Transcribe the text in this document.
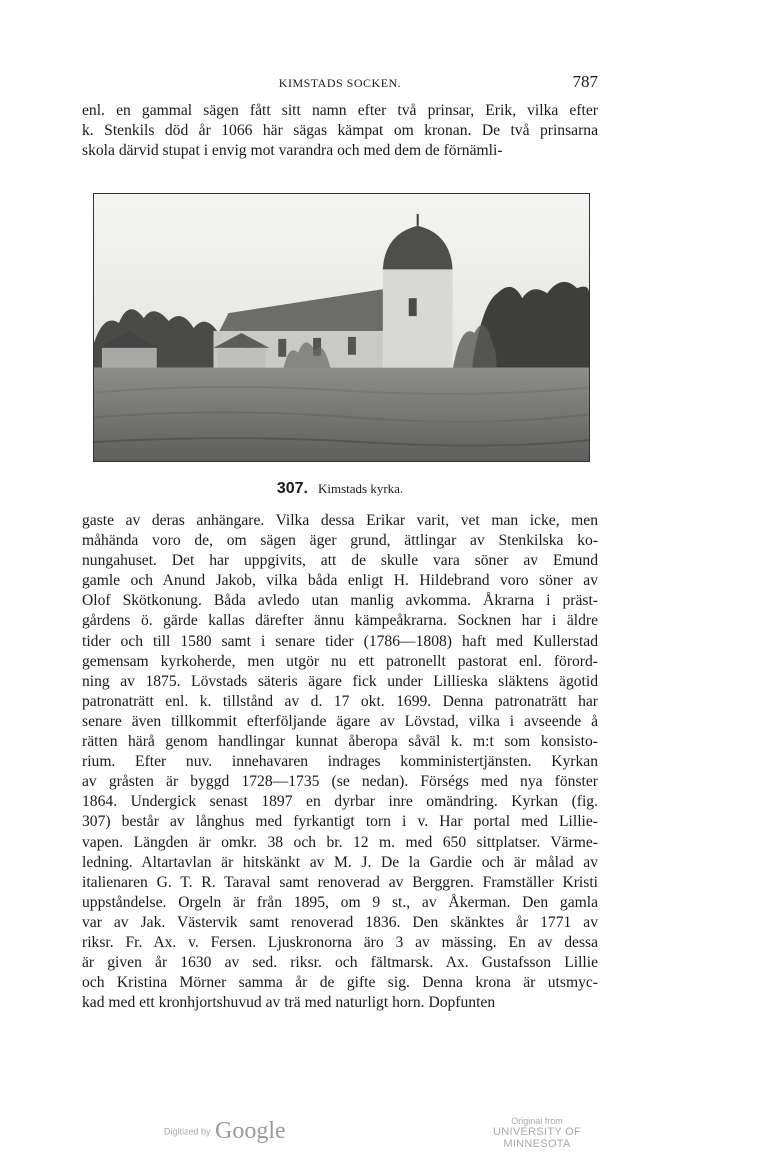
KIMSTADS SOCKEN.	787
enl. en gammal sägen fått sitt namn efter två prinsar, Erik, vilka efter
k. Stenkils död år 1066 här sägas kämpat om kronan. De två prinsarna
skola därvid stupat i envig mot varandra och med dem de förnämli-
307. Kimstads kyrka.
gaste av deras anhängare. Vilka dessa Erikar varit, vet man icke, men
måhända voro de, om sägen äger grund, ättlingar av Stenkilska ko-
nungahuset. Det har uppgivits, att de skulle vara söner av Emund
gamle och Anund Jakob, vilka båda enligt H. Hildebrand voro söner av
Olof Skötkonung. Båda avledo utan manlig avkomma. Åkrarna i präst-
gårdens ö. gärde kallas därefter ännu kämpeåkrarna. Socknen har i äldre
tider och till 1580 samt i senare tider (1786—1808) haft med Kullerstad
gemensam kyrkoherde, men utgör nu ett patronellt pastorat enl. förord-
ning av 1875. Lövstads säteris ägare fick under Lillieska släktens ägotid
patronaträtt enl. k. tillstånd av d. 17 okt. 1699. Denna patronaträtt har
senare även tillkommit efterföljande ägare av Lövstad, vilka i avseende å
rätten härå genom handlingar kunnat åberopa såväl k. m:t som konsisto-
rium. Efter nuv. innehavaren indrages komministertjänsten. Kyrkan
av gråsten är byggd 1728—1735 (se nedan). Förségs med nya fönster
1864. Undergick senast 1897 en dyrbar inre omändring. Kyrkan (fig.
307) består av långhus med fyrkantigt torn i v. Har portal med Lillie-
vapen. Längden är omkr. 38 och br. 12 m. med 650 sittplatser. Värme-
ledning. Altartavlan är hitskänkt av M. J. De la Gardie och är målad av
italienaren G. T. R. Taraval samt renoverad av Berggren. Framställer Kristi
uppståndelse. Orgeln är från 1895, om 9 st., av Åkerman. Den gamla
var av Jak. Västervik samt renoverad 1836. Den skänktes år 1771 av
riksr. Fr. Ax. v. Fersen. Ljuskronorna äro 3 av mässing. En av dessa
är given år 1630 av sed. riksr. och fältmarsk. Ax. Gustafsson Lillie
och Kristina Mörner samma år de gifte sig. Denna krona är utsmyc-
kad med ett kronhjortshuvud av trä med naturligt horn. Dopfunten
Digitized by Google	Original from
UNIVERSITY OF MINNESOTA
